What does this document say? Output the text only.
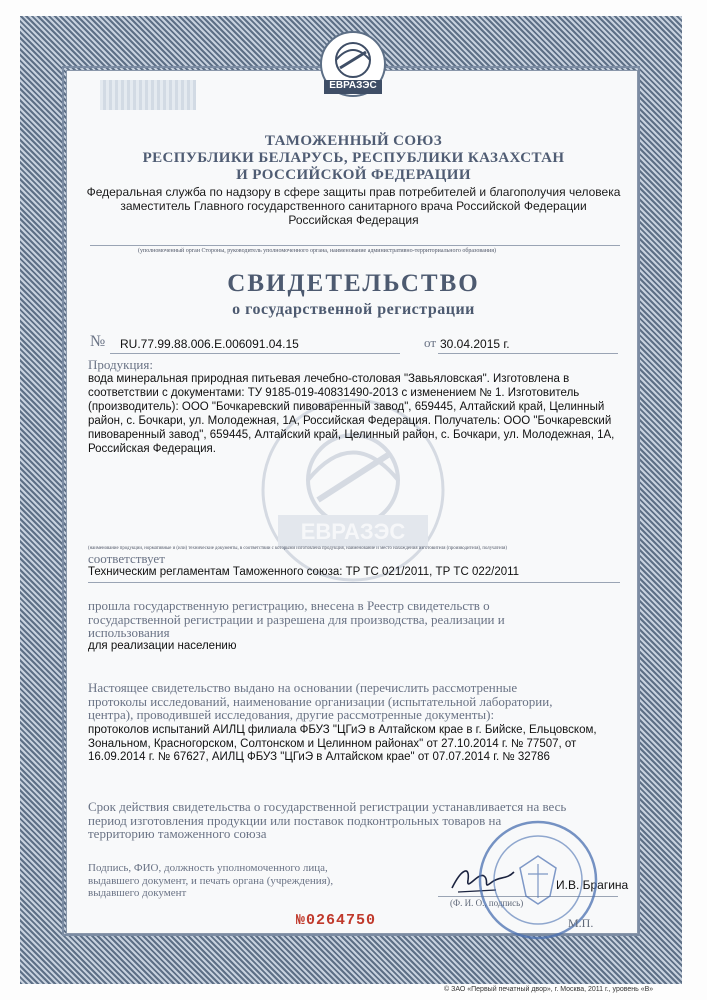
ЕВРАЗЭС
ТАМОЖЕННЫЙ СОЮЗ
РЕСПУБЛИКИ БЕЛАРУСЬ, РЕСПУБЛИКИ КАЗАХСТАН
И РОССИЙСКОЙ ФЕДЕРАЦИИ
Федеральная служба по надзору в сфере защиты прав потребителей и благополучия человека
заместитель Главного государственного санитарного врача Российской Федерации
Российская Федерация
(уполномоченный орган Стороны, руководитель уполномоченного органа, наименование административно-территориального образования)
СВИДЕТЕЛЬСТВО
о государственной регистрации
№ RU.77.99.88.006.Е.006091.04.15	от 30.04.2015 г.
ЕВРАЗЭС
Продукция:
вода минеральная природная питьевая лечебно-столовая "Завьяловская". Изготовлена в
соответствии с документами: ТУ 9185-019-40831490-2013 с изменением № 1. Изготовитель
(производитель): ООО "Бочкаревский пивоваренный завод", 659445, Алтайский край, Целинный
район, с. Бочкари, ул. Молодежная, 1А, Российская Федерация. Получатель: ООО "Бочкаревский
пивоваренный завод", 659445, Алтайский край, Целинный район, с. Бочкари, ул. Молодежная, 1А,
Российская Федерация.
(наименование продукции, нормативные и (или) технические документы, в соответствии с которыми изготовлена продукция, наименование и место нахождения изготовителя (производителя), получателя)
соответствует
Техническим регламентам Таможенного союза: ТР ТС 021/2011, ТР ТС 022/2011
прошла государственную регистрацию, внесена в Реестр свидетельств о
государственной регистрации и разрешена для производства, реализации и
использования
для реализации населению
Настоящее свидетельство выдано на основании (перечислить рассмотренные
протоколы исследований, наименование организации (испытательной лаборатории,
центра), проводившей исследования, другие рассмотренные документы):
протоколов испытаний АИЛЦ филиала ФБУЗ "ЦГиЭ в Алтайском крае в г. Бийске, Ельцовском,
Зональном, Красногорском, Солтонском и Целинном районах" от 27.10.2014 г. № 77507, от
16.09.2014 г. № 67627, АИЛЦ ФБУЗ "ЦГиЭ в Алтайском крае" от 07.07.2014 г. № 32786
Срок действия свидетельства о государственной регистрации устанавливается на весь
период изготовления продукции или поставок подконтрольных товаров на
территорию таможенного союза
Подпись, ФИО, должность уполномоченного лица,
выдавшего документ, и печать органа (учреждения),
выдавшего документ
И.В. Брагина
(Ф. И. О., подпись)
М.П.
№0264750
© ЗАО «Первый печатный двор», г. Москва, 2011 г., уровень «В»
